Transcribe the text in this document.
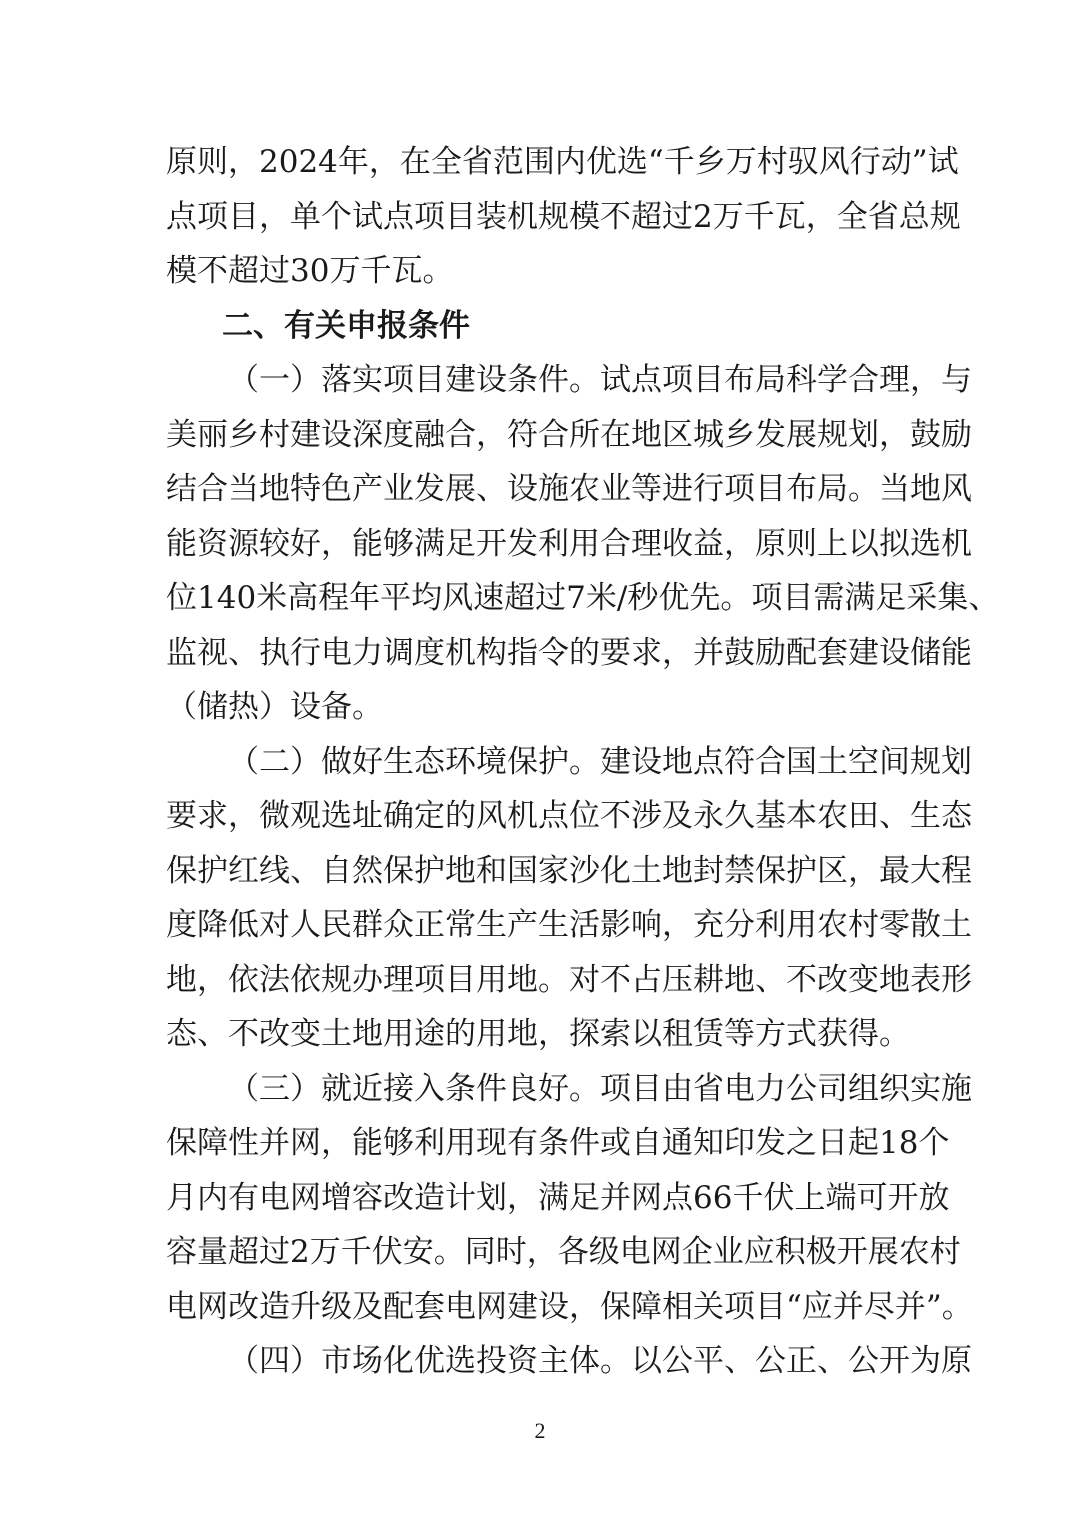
原则，2024年，在全省范围内优选“千乡万村驭风行动”试
点项目，单个试点项目装机规模不超过2万千瓦，全省总规
模不超过30万千瓦。
二、有关申报条件
（一）落实项目建设条件。试点项目布局科学合理，与
美丽乡村建设深度融合，符合所在地区城乡发展规划，鼓励
结合当地特色产业发展、设施农业等进行项目布局。当地风
能资源较好，能够满足开发利用合理收益，原则上以拟选机
位140米高程年平均风速超过7米/秒优先。项目需满足采集、
监视、执行电力调度机构指令的要求，并鼓励配套建设储能
（储热）设备。
（二）做好生态环境保护。建设地点符合国土空间规划
要求，微观选址确定的风机点位不涉及永久基本农田、生态
保护红线、自然保护地和国家沙化土地封禁保护区，最大程
度降低对人民群众正常生产生活影响，充分利用农村零散土
地，依法依规办理项目用地。对不占压耕地、不改变地表形
态、不改变土地用途的用地，探索以租赁等方式获得。
（三）就近接入条件良好。项目由省电力公司组织实施
保障性并网，能够利用现有条件或自通知印发之日起18个
月内有电网增容改造计划，满足并网点66千伏上端可开放
容量超过2万千伏安。同时，各级电网企业应积极开展农村
电网改造升级及配套电网建设，保障相关项目“应并尽并”。
（四）市场化优选投资主体。以公平、公正、公开为原
2
